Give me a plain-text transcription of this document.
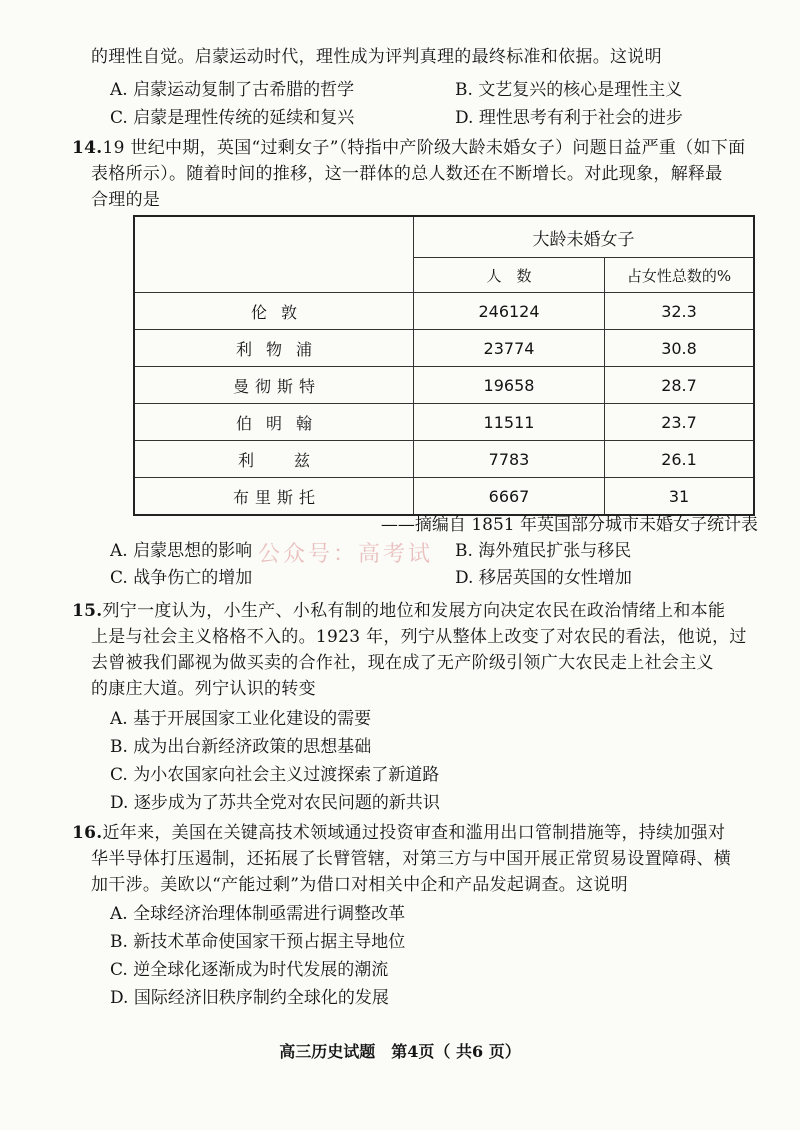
的理性自觉。启蒙运动时代，理性成为评判真理的最终标准和依据。这说明
A. 启蒙运动复制了古希腊的哲学	B. 文艺复兴的核心是理性主义
C. 启蒙是理性传统的延续和复兴	D. 理性思考有利于社会的进步
14.19 世纪中期，英国“过剩女子”（特指中产阶级大龄未婚女子）问题日益严重（如下面
表格所示）。随着时间的推移，这一群体的总人数还在不断增长。对此现象，解释最
合理的是
	大龄未婚女子	
	人　数	占女性总数的%
伦敦	246124	32.3
利物浦	23774	30.8
曼彻斯特	19658	28.7
伯明翰	11511	23.7
利兹	7783	26.1
布里斯托	6667	31
——摘编自 1851 年英国部分城市未婚女子统计表
A. 启蒙思想的影响	B. 海外殖民扩张与移民
C. 战争伤亡的增加	D. 移居英国的女性增加
公众号：高考试
15.列宁一度认为，小生产、小私有制的地位和发展方向决定农民在政治情绪上和本能
上是与社会主义格格不入的。1923 年，列宁从整体上改变了对农民的看法，他说，过
去曾被我们鄙视为做买卖的合作社，现在成了无产阶级引领广大农民走上社会主义
的康庄大道。列宁认识的转变
A. 基于开展国家工业化建设的需要
B. 成为出台新经济政策的思想基础
C. 为小农国家向社会主义过渡探索了新道路
D. 逐步成为了苏共全党对农民问题的新共识
16.近年来，美国在关键高技术领域通过投资审查和滥用出口管制措施等，持续加强对
华半导体打压遏制，还拓展了长臂管辖，对第三方与中国开展正常贸易设置障碍、横
加干涉。美欧以“产能过剩”为借口对相关中企和产品发起调查。这说明
A. 全球经济治理体制亟需进行调整改革
B. 新技术革命使国家干预占据主导地位
C. 逆全球化逐渐成为时代发展的潮流
D. 国际经济旧秩序制约全球化的发展
高三历史试题　第4页（ 共6 页）
